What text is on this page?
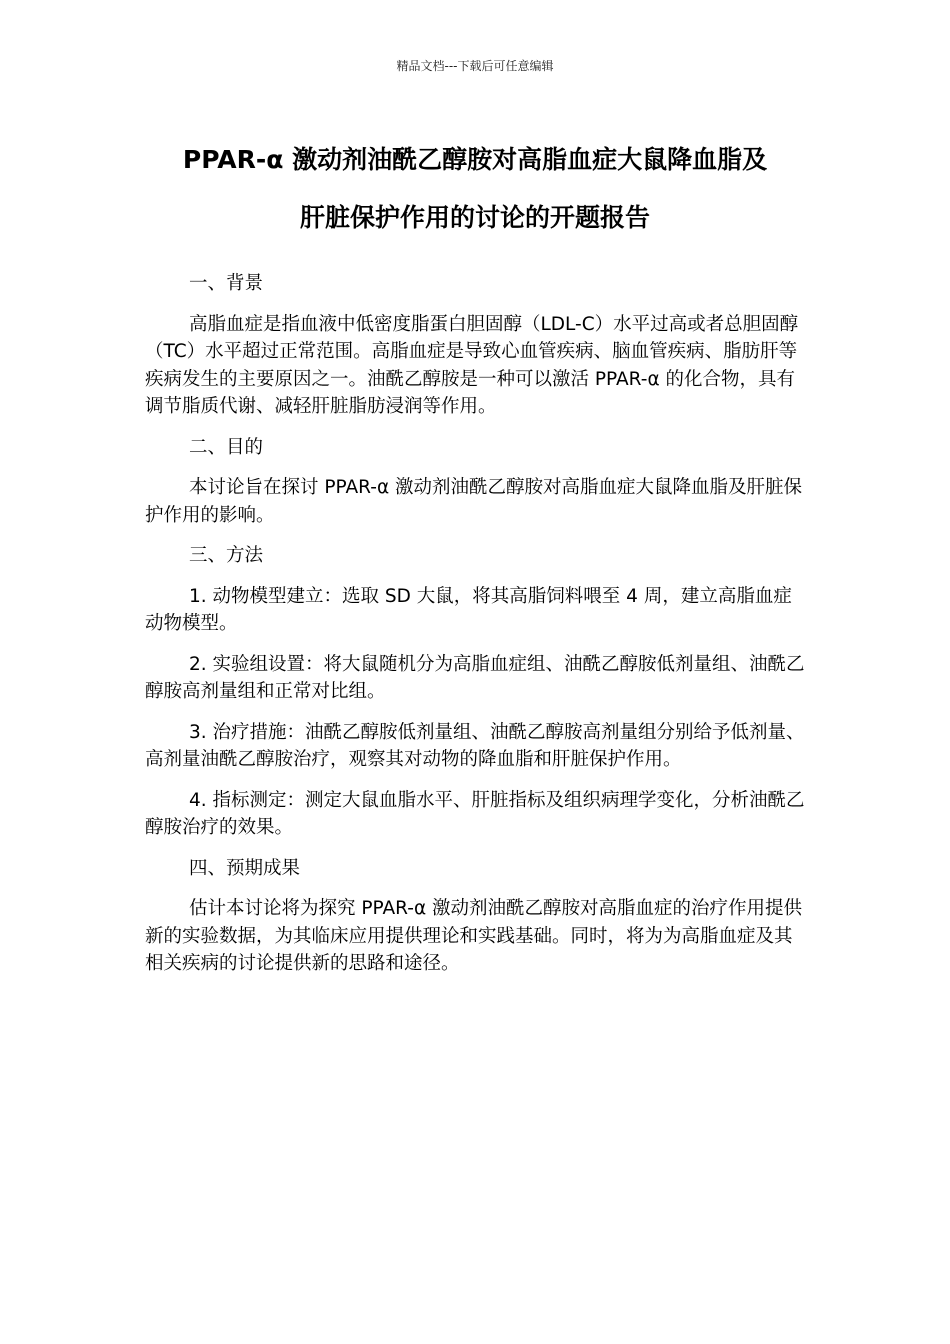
精品文档---下载后可任意编辑
PPAR-α 激动剂油酰乙醇胺对高脂血症大鼠降血脂及
肝脏保护作用的讨论的开题报告

一、背景

高脂血症是指血液中低密度脂蛋白胆固醇（LDL-C）水平过高或者总胆固醇（TC）水平超过正常范围。高脂血症是导致心血管疾病、脑血管疾病、脂肪肝等疾病发生的主要原因之一。油酰乙醇胺是一种可以激活 PPAR-α 的化合物，具有调节脂质代谢、减轻肝脏脂肪浸润等作用。

二、目的

本讨论旨在探讨 PPAR-α 激动剂油酰乙醇胺对高脂血症大鼠降血脂及肝脏保护作用的影响。

三、方法

1. 动物模型建立：选取 SD 大鼠，将其高脂饲料喂至 4 周，建立高脂血症动物模型。

2. 实验组设置：将大鼠随机分为高脂血症组、油酰乙醇胺低剂量组、油酰乙醇胺高剂量组和正常对比组。

3. 治疗措施：油酰乙醇胺低剂量组、油酰乙醇胺高剂量组分别给予低剂量、高剂量油酰乙醇胺治疗，观察其对动物的降血脂和肝脏保护作用。

4. 指标测定：测定大鼠血脂水平、肝脏指标及组织病理学变化，分析油酰乙醇胺治疗的效果。

四、预期成果

估计本讨论将为探究 PPAR-α 激动剂油酰乙醇胺对高脂血症的治疗作用提供新的实验数据，为其临床应用提供理论和实践基础。同时，将为为高脂血症及其相关疾病的讨论提供新的思路和途径。
